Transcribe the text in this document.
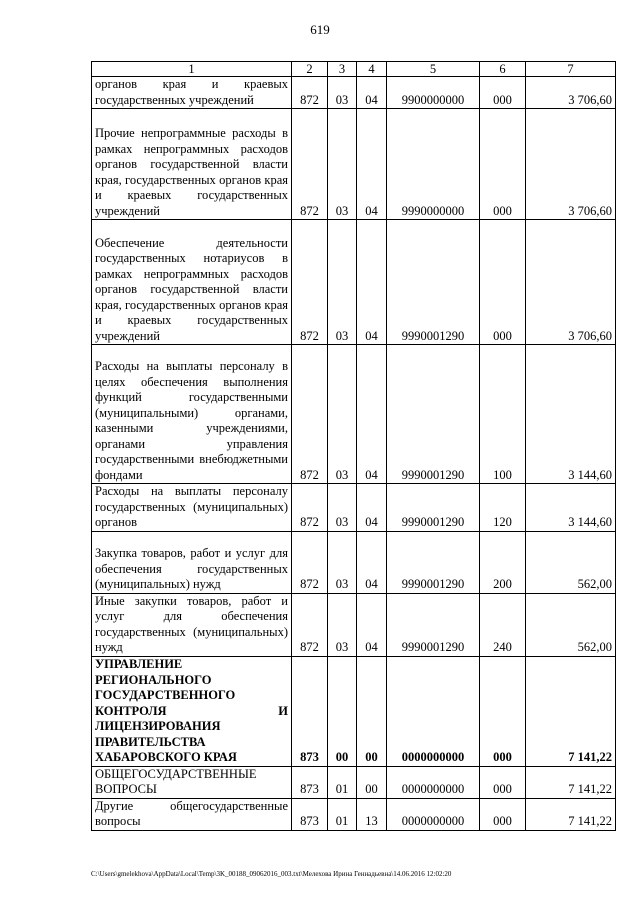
619
1	2	3	4	5	6	7
органов края и краевых государственных учреждений	872	03	04	9900000000	000	3 706,60
Прочие непрограммные расходы в рамках непрограммных расходов органов государственной власти края, государственных органов края и краевых государственных учреждений	872	03	04	9990000000	000	3 706,60
Обеспечение деятельности государственных нотариусов в рамках непрограммных расходов органов государственной власти края, государственных органов края и краевых государственных учреждений	872	03	04	9990001290	000	3 706,60
Расходы на выплаты персоналу в целях обеспечения выполнения функций государственными (муниципальными) органами, казенными учреждениями, органами управления государственными внебюджетными фондами	872	03	04	9990001290	100	3 144,60
Расходы на выплаты персоналу государственных (муниципальных) органов	872	03	04	9990001290	120	3 144,60
Закупка товаров, работ и услуг для обеспечения государственных (муниципальных) нужд	872	03	04	9990001290	200	562,00
Иные закупки товаров, работ и услуг для обеспечения государственных (муниципальных) нужд	872	03	04	9990001290	240	562,00
УПРАВЛЕНИЕ РЕГИОНАЛЬНОГО ГОСУДАРСТВЕННОГО КОНТРОЛЯ И ЛИЦЕНЗИРОВАНИЯ ПРАВИТЕЛЬСТВА ХАБАРОВСКОГО КРАЯ	873	00	00	0000000000	000	7 141,22
ОБЩЕГОСУДАРСТВЕННЫЕ ВОПРОСЫ	873	01	00	0000000000	000	7 141,22
Другие общегосударственные вопросы	873	01	13	0000000000	000	7 141,22
C:\Users\gmelekhova\AppData\Local\Temp\3K_00188_09062016_003.txt\Мелехова Ирина Геннадьевна\14.06.2016 12:02:20
